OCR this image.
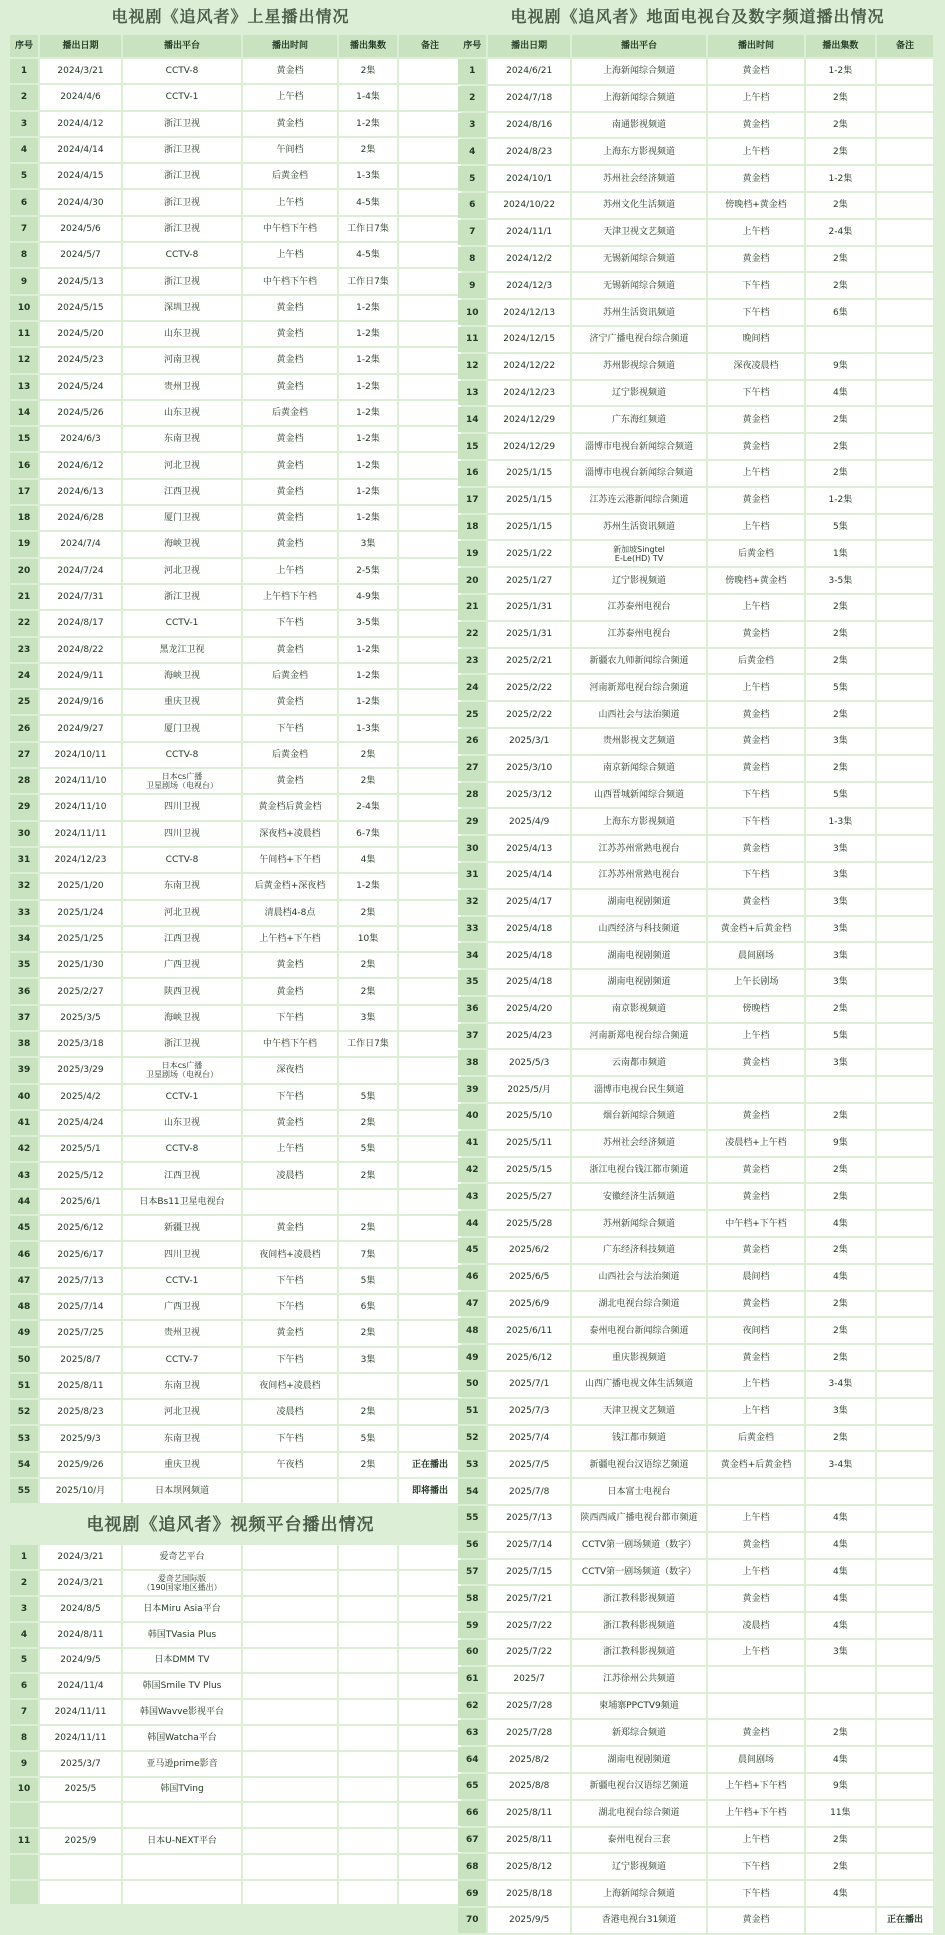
电视剧《追风者》上星播出情况
序号	播出日期	播出平台	播出时间	播出集数	备注
1	2024/3/21	CCTV-8	黄金档	2集	
2	2024/4/6	CCTV-1	上午档	1-4集	
3	2024/4/12	浙江卫视	黄金档	1-2集	
4	2024/4/14	浙江卫视	午间档	2集	
5	2024/4/15	浙江卫视	后黄金档	1-3集	
6	2024/4/30	浙江卫视	上午档	4-5集	
7	2024/5/6	浙江卫视	中午档下午档	工作日7集	
8	2024/5/7	CCTV-8	上午档	4-5集	
9	2024/5/13	浙江卫视	中午档下午档	工作日7集	
10	2024/5/15	深圳卫视	黄金档	1-2集	
11	2024/5/20	山东卫视	黄金档	1-2集	
12	2024/5/23	河南卫视	黄金档	1-2集	
13	2024/5/24	贵州卫视	黄金档	1-2集	
14	2024/5/26	山东卫视	后黄金档	1-2集	
15	2024/6/3	东南卫视	黄金档	1-2集	
16	2024/6/12	河北卫视	黄金档	1-2集	
17	2024/6/13	江西卫视	黄金档	1-2集	
18	2024/6/28	厦门卫视	黄金档	1-2集	
19	2024/7/4	海峡卫视	黄金档	3集	
20	2024/7/24	河北卫视	上午档	2-5集	
21	2024/7/31	浙江卫视	上午档下午档	4-9集	
22	2024/8/17	CCTV-1	下午档	3-5集	
23	2024/8/22	黑龙江卫视	黄金档	1-2集	
24	2024/9/11	海峡卫视	后黄金档	1-2集	
25	2024/9/16	重庆卫视	黄金档	1-2集	
26	2024/9/27	厦门卫视	下午档	1-3集	
27	2024/10/11	CCTV-8	后黄金档	2集	
28	2024/11/10	日本cs广播
卫星剧场（电视台）	黄金档	2集	
29	2024/11/10	四川卫视	黄金档后黄金档	2-4集	
30	2024/11/11	四川卫视	深夜档+凌晨档	6-7集	
31	2024/12/23	CCTV-8	午间档+下午档	4集	
32	2025/1/20	东南卫视	后黄金档+深夜档	1-2集	
33	2025/1/24	河北卫视	清晨档4-8点	2集	
34	2025/1/25	江西卫视	上午档+下午档	10集	
35	2025/1/30	广西卫视	黄金档	2集	
36	2025/2/27	陕西卫视	黄金档	2集	
37	2025/3/5	海峡卫视	下午档	3集	
38	2025/3/18	浙江卫视	中午档下午档	工作日7集	
39	2025/3/29	日本cs广播
卫星剧场（电视台）	深夜档		
40	2025/4/2	CCTV-1	下午档	5集	
41	2025/4/24	山东卫视	黄金档	2集	
42	2025/5/1	CCTV-8	上午档	5集	
43	2025/5/12	江西卫视	凌晨档	2集	
44	2025/6/1	日本Bs11卫星电视台			
45	2025/6/12	新疆卫视	黄金档	2集	
46	2025/6/17	四川卫视	夜间档+凌晨档	7集	
47	2025/7/13	CCTV-1	下午档	5集	
48	2025/7/14	广西卫视	下午档	6集	
49	2025/7/25	贵州卫视	黄金档	2集	
50	2025/8/7	CCTV-7	下午档	3集	
51	2025/8/11	东南卫视	夜间档+凌晨档		
52	2025/8/23	河北卫视	凌晨档	2集	
53	2025/9/3	东南卫视	下午档	5集	
54	2025/9/26	重庆卫视	午夜档	2集	正在播出
55	2025/10/月	日本坝网频道			即将播出
电视剧《追风者》视频平台播出情况
1	2024/3/21	爱奇艺平台			
2	2024/3/21	爱奇艺国际版
（190国家地区播出）			
3	2024/8/5	日本Miru Asia平台			
4	2024/8/11	韩国TVasia Plus			
5	2024/9/5	日本DMM TV			
6	2024/11/4	韩国Smile TV Plus			
7	2024/11/11	韩国Wavve影视平台			
8	2024/11/11	韩国Watcha平台			
9	2025/3/7	亚马逊prime影音			
10	2025/5	韩国TVing			

11	2025/9	日本U-NEXT平台			

电视剧《追风者》地面电视台及数字频道播出情况
序号	播出日期	播出平台	播出时间	播出集数	备注
1	2024/6/21	上海新闻综合频道	黄金档	1-2集	
2	2024/7/18	上海新闻综合频道	上午档	2集	
3	2024/8/16	南通影视频道	黄金档	2集	
4	2024/8/23	上海东方影视频道	上午档	2集	
5	2024/10/1	苏州社会经济频道	黄金档	1-2集	
6	2024/10/22	苏州文化生活频道	傍晚档+黄金档	2集	
7	2024/11/1	天津卫视文艺频道	上午档	2-4集	
8	2024/12/2	无锡新闻综合频道	黄金档	2集	
9	2024/12/3	无锡新闻综合频道	下午档	2集	
10	2024/12/13	苏州生活资讯频道	下午档	6集	
11	2024/12/15	济宁广播电视台综合频道	晚间档		
12	2024/12/22	苏州影视综合频道	深夜凌晨档	9集	
13	2024/12/23	辽宁影视频道	下午档	4集	
14	2024/12/29	广东海红频道	黄金档	2集	
15	2024/12/29	淄博市电视台新闻综合频道	黄金档	2集	
16	2025/1/15	淄博市电视台新闻综合频道	上午档	2集	
17	2025/1/15	江苏连云港新闻综合频道	黄金档	1-2集	
18	2025/1/15	苏州生活资讯频道	上午档	5集	
19	2025/1/22	新加坡Singtel
E-Le(HD) TV	后黄金档	1集	
20	2025/1/27	辽宁影视频道	傍晚档+黄金档	3-5集	
21	2025/1/31	江苏泰州电视台	上午档	2集	
22	2025/1/31	江苏泰州电视台	黄金档	2集	
23	2025/2/21	新疆农九师新闻综合频道	后黄金档	2集	
24	2025/2/22	河南新郑电视台综合频道	上午档	5集	
25	2025/2/22	山西社会与法治频道	黄金档	2集	
26	2025/3/1	贵州影视文艺频道	黄金档	3集	
27	2025/3/10	南京新闻综合频道	黄金档	2集	
28	2025/3/12	山西晋城新闻综合频道	下午档	5集	
29	2025/4/9	上海东方影视频道	下午档	1-3集	
30	2025/4/13	江苏苏州常熟电视台	黄金档	3集	
31	2025/4/14	江苏苏州常熟电视台	下午档	3集	
32	2025/4/17	湖南电视剧频道	黄金档	3集	
33	2025/4/18	山西经济与科技频道	黄金档+后黄金档	3集	
34	2025/4/18	湖南电视剧频道	晨间剧场	3集	
35	2025/4/18	湖南电视剧频道	上午长剧场	3集	
36	2025/4/20	南京影视频道	傍晚档	2集	
37	2025/4/23	河南新郑电视台综合频道	上午档	5集	
38	2025/5/3	云南都市频道	黄金档	3集	
39	2025/5/月	淄博市电视台民生频道			
40	2025/5/10	烟台新闻综合频道	黄金档	2集	
41	2025/5/11	苏州社会经济频道	凌晨档+上午档	9集	
42	2025/5/15	浙江电视台钱江都市频道	黄金档	2集	
43	2025/5/27	安徽经济生活频道	黄金档	2集	
44	2025/5/28	苏州新闻综合频道	中午档+下午档	4集	
45	2025/6/2	广东经济科技频道	黄金档	2集	
46	2025/6/5	山西社会与法治频道	晨间档	4集	
47	2025/6/9	湖北电视台综合频道	黄金档	2集	
48	2025/6/11	泰州电视台新闻综合频道	夜间档	2集	
49	2025/6/12	重庆影视频道	黄金档	2集	
50	2025/7/1	山西广播电视文体生活频道	上午档	3-4集	
51	2025/7/3	天津卫视文艺频道	上午档	3集	
52	2025/7/4	钱江都市频道	后黄金档	2集	
53	2025/7/5	新疆电视台汉语综艺频道	黄金档+后黄金档	3-4集	
54	2025/7/8	日本富士电视台			
55	2025/7/13	陕西西咸广播电视台都市频道	上午档	4集	
56	2025/7/14	CCTV第一剧场频道（数字）	黄金档	4集	
57	2025/7/15	CCTV第一剧场频道（数字）	上午档	4集	
58	2025/7/21	浙江教科影视频道	黄金档	4集	
59	2025/7/22	浙江教科影视频道	凌晨档	4集	
60	2025/7/22	浙江教科影视频道	上午档	3集	
61	2025/7	江苏徐州公共频道			
62	2025/7/28	柬埔寨PPCTV9频道			
63	2025/7/28	新郑综合频道	黄金档	2集	
64	2025/8/2	湖南电视剧频道	晨间剧场	4集	
65	2025/8/8	新疆电视台汉语综艺频道	上午档+下午档	9集	
66	2025/8/11	湖北电视台综合频道	上午档+下午档	11集	
67	2025/8/11	泰州电视台三套	上午档	2集	
68	2025/8/12	辽宁影视频道	下午档	2集	
69	2025/8/18	上海新闻综合频道	下午档	4集	
70	2025/9/5	香港电视台31频道	黄金档		正在播出
